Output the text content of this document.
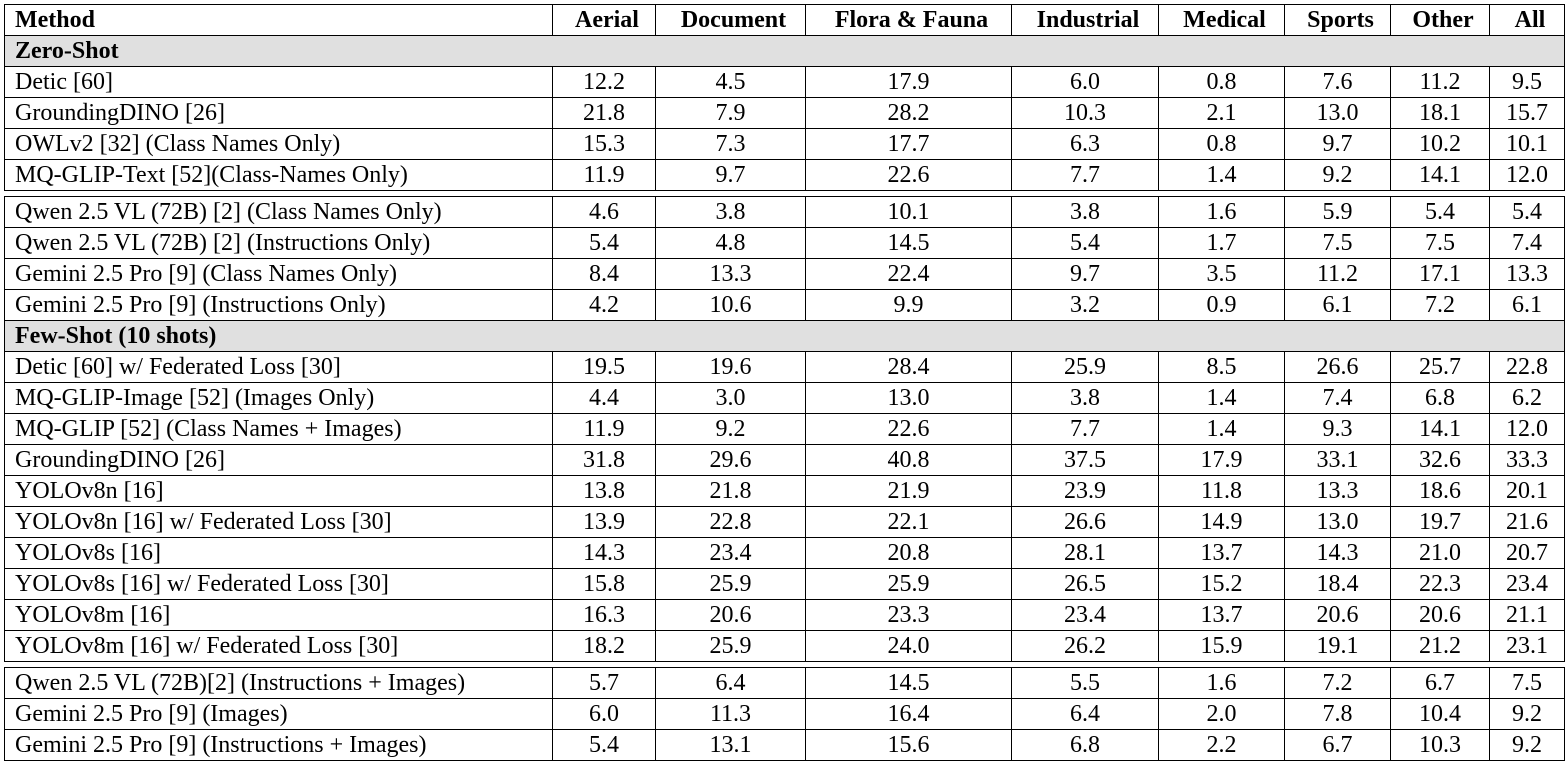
Method	Aerial	Document	Flora & Fauna	Industrial	Medical	Sports	Other	All
Zero-Shot								
Detic [60]	12.2	4.5	17.9	6.0	0.8	7.6	11.2	9.5
GroundingDINO [26]	21.8	7.9	28.2	10.3	2.1	13.0	18.1	15.7
OWLv2 [32] (Class Names Only)	15.3	7.3	17.7	6.3	0.8	9.7	10.2	10.1
MQ-GLIP-Text [52](Class-Names Only)	11.9	9.7	22.6	7.7	1.4	9.2	14.1	12.0

Qwen 2.5 VL (72B) [2] (Class Names Only)	4.6	3.8	10.1	3.8	1.6	5.9	5.4	5.4
Qwen 2.5 VL (72B) [2] (Instructions Only)	5.4	4.8	14.5	5.4	1.7	7.5	7.5	7.4
Gemini 2.5 Pro [9] (Class Names Only)	8.4	13.3	22.4	9.7	3.5	11.2	17.1	13.3
Gemini 2.5 Pro [9] (Instructions Only)	4.2	10.6	9.9	3.2	0.9	6.1	7.2	6.1
Few-Shot (10 shots)								
Detic [60] w/ Federated Loss [30]	19.5	19.6	28.4	25.9	8.5	26.6	25.7	22.8
MQ-GLIP-Image [52] (Images Only)	4.4	3.0	13.0	3.8	1.4	7.4	6.8	6.2
MQ-GLIP [52] (Class Names + Images)	11.9	9.2	22.6	7.7	1.4	9.3	14.1	12.0
GroundingDINO [26]	31.8	29.6	40.8	37.5	17.9	33.1	32.6	33.3
YOLOv8n [16]	13.8	21.8	21.9	23.9	11.8	13.3	18.6	20.1
YOLOv8n [16] w/ Federated Loss [30]	13.9	22.8	22.1	26.6	14.9	13.0	19.7	21.6
YOLOv8s [16]	14.3	23.4	20.8	28.1	13.7	14.3	21.0	20.7
YOLOv8s [16] w/ Federated Loss [30]	15.8	25.9	25.9	26.5	15.2	18.4	22.3	23.4
YOLOv8m [16]	16.3	20.6	23.3	23.4	13.7	20.6	20.6	21.1
YOLOv8m [16] w/ Federated Loss [30]	18.2	25.9	24.0	26.2	15.9	19.1	21.2	23.1

Qwen 2.5 VL (72B)[2] (Instructions + Images)	5.7	6.4	14.5	5.5	1.6	7.2	6.7	7.5
Gemini 2.5 Pro [9] (Images)	6.0	11.3	16.4	6.4	2.0	7.8	10.4	9.2
Gemini 2.5 Pro [9] (Instructions + Images)	5.4	13.1	15.6	6.8	2.2	6.7	10.3	9.2
